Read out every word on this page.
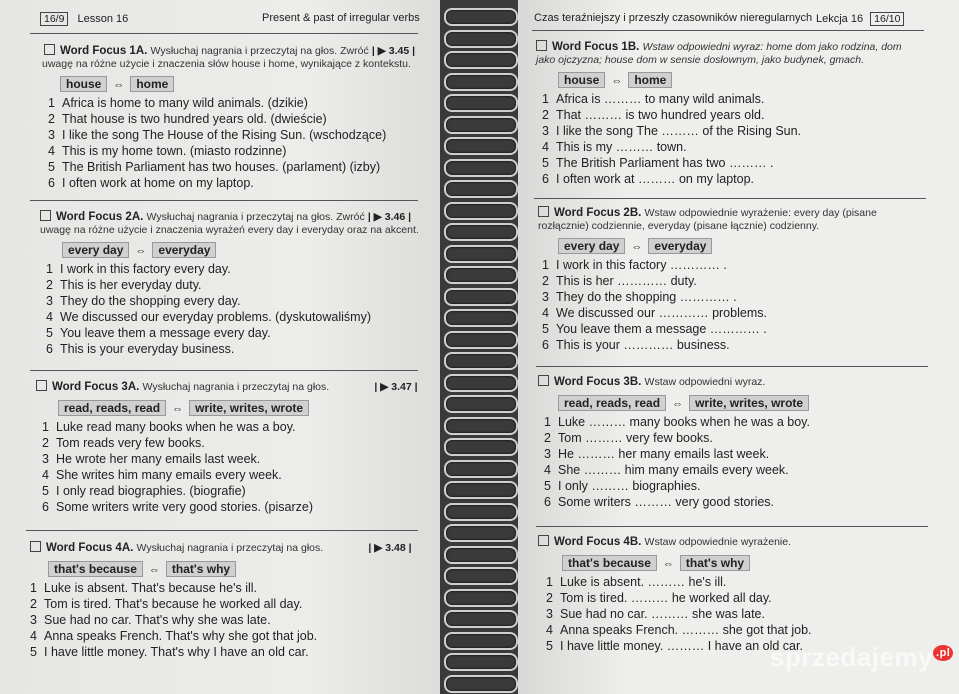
16/9 Lesson 16	Present & past of irregular verbs
Word Focus 1A. Wysłuchaj nagrania i przeczytaj na głos. Zwróć | ▶ 3.45 |
uwagę na różne użycie i znaczenia słów house i home, wynikające z kontekstu.
house ⇔ home
1 Africa is home to many wild animals. (dzikie)
2 That house is two hundred years old. (dwieście)
3 I like the song The House of the Rising Sun. (wschodzące)
4 This is my home town. (miasto rodzinne)
5 The British Parliament has two houses. (parlament) (izby)
6 I often work at home on my laptop.
Word Focus 2A. Wysłuchaj nagrania i przeczytaj na głos. Zwróć | ▶ 3.46 |
uwagę na różne użycie i znaczenia wyrażeń every day i everyday oraz na akcent.
every day ⇔ everyday
1 I work in this factory every day.
2 This is her everyday duty.
3 They do the shopping every day.
4 We discussed our everyday problems. (dyskutowaliśmy)
5 You leave them a message every day.
6 This is your everyday business.
Word Focus 3A. Wysłuchaj nagrania i przeczytaj na głos.	| ▶ 3.47 |
read, reads, read ⇔ write, writes, wrote
1 Luke read many books when he was a boy.
2 Tom reads very few books.
3 He wrote her many emails last week.
4 She writes him many emails every week.
5 I only read biographies. (biografie)
6 Some writers write very good stories. (pisarze)
Word Focus 4A. Wysłuchaj nagrania i przeczytaj na głos.	| ▶ 3.48 |
that's because ⇔ that's why
1 Luke is absent. That's because he's ill.
2 Tom is tired. That's because he worked all day.
3 Sue had no car. That's why she was late.
4 Anna speaks French. That's why she got that job.
5 I have little money. That's why I have an old car.
Czas teraźniejszy i przeszły czasowników nieregularnych Lekcja 16 16/10
Word Focus 1B. Wstaw odpowiedni wyraz: home dom jako rodzina, dom
jako ojczyzna; house dom w sensie dosłownym, jako budynek, gmach.
house ⇔ home
1 Africa is ……… to many wild animals.
2 That ……… is two hundred years old.
3 I like the song The ……… of the Rising Sun.
4 This is my ……… town.
5 The British Parliament has two ……… .
6 I often work at ……… on my laptop.
Word Focus 2B. Wstaw odpowiednie wyrażenie: every day (pisane
rozłącznie) codziennie, everyday (pisane łącznie) codzienny.
every day ⇔ everyday
1 I work in this factory ………… .
2 This is her ………… duty.
3 They do the shopping ………… .
4 We discussed our ………… problems.
5 You leave them a message ………… .
6 This is your ………… business.
Word Focus 3B. Wstaw odpowiedni wyraz.
read, reads, read ⇔ write, writes, wrote
1 Luke ……… many books when he was a boy.
2 Tom ……… very few books.
3 He ……… her many emails last week.
4 She ……… him many emails every week.
5 I only ……… biographies.
6 Some writers ……… very good stories.
Word Focus 4B. Wstaw odpowiednie wyrażenie.
that's because ⇔ that's why
1 Luke is absent. ……… he's ill.
2 Tom is tired. ……… he worked all day.
3 Sue had no car. ……… she was late.
4 Anna speaks French. ……… she got that job.
5 I have little money. ……… I have an old car.
sprzedajemy $^{.pl}$
